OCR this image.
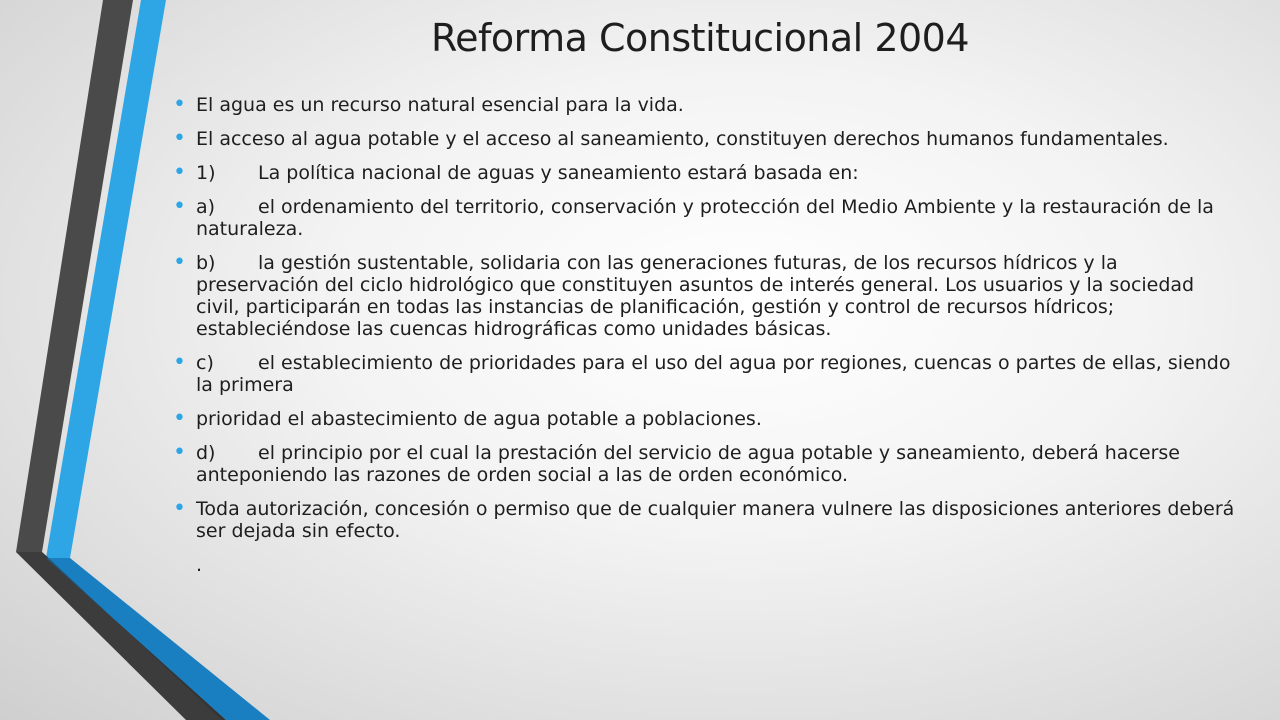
Reforma Constitucional 2004
• El agua es un recurso natural esencial para la vida.
• El acceso al agua potable y el acceso al saneamiento, constituyen derechos humanos fundamentales.
• 1) La política nacional de aguas y saneamiento estará basada en:
• a) el ordenamiento del territorio, conservación y protección del Medio Ambiente y la restauración de la naturaleza.
• b) la gestión sustentable, solidaria con las generaciones futuras, de los recursos hídricos y la preservación del ciclo hidrológico que constituyen asuntos de interés general. Los usuarios y la sociedad civil, participarán en todas las instancias de planificación, gestión y control de recursos hídricos; estableciéndose las cuencas hidrográficas como unidades básicas.
• c) el establecimiento de prioridades para el uso del agua por regiones, cuencas o partes de ellas, siendo la primera
• prioridad el abastecimiento de agua potable a poblaciones.
• d) el principio por el cual la prestación del servicio de agua potable y saneamiento, deberá hacerse anteponiendo las razones de orden social a las de orden económico.
• Toda autorización, concesión o permiso que de cualquier manera vulnere las disposiciones anteriores deberá ser dejada sin efecto.
.
